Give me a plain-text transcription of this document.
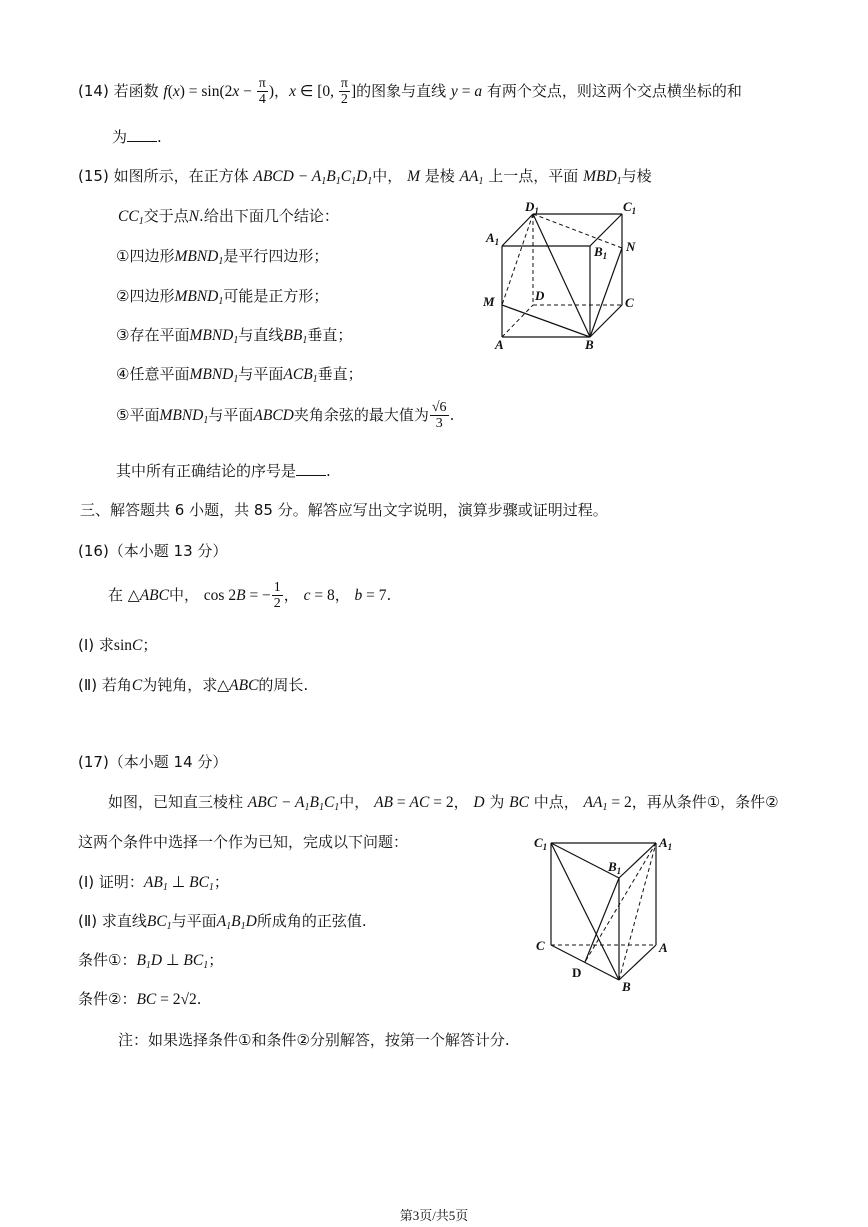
(14) 若函数 $f(x) = \sin(2x - \frac{\pi}{4}$ )，x ∈ [0, $\frac{\pi}{2}$ ]的图象与直线 y = a 有两个交点，则这两个交点横坐标的和
为 .
(15) 如图所示，在正方体 ABCD − $A_1B_1C_1D_1$中， M 是棱 $AA_1$ 上一点，平面 $MBD_1$与棱
$CC_1$交于点N.给出下面几个结论：
①四边形$MBND_1$是平行四边形；
②四边形$MBND_1$可能是正方形；
③存在平面$MBND_1$与直线$BB_1$垂直；
④任意平面$MBND_1$与平面$ACB_1$垂直；
⑤平面$MBND_1$与平面ABCD夹角余弦的最大值为 $\frac{√6}{3}$ .
其中所有正确结论的序号是 .
$D_1$	$C_1$
$A_1$
$B_1$
N
M	D	C
A	B
三、解答题共 6 小题，共 85 分。解答应写出文字说明，演算步骤或证明过程。
(16)（本小题 13 分）
在 △ABC中， cos 2B = − $\frac{1}{2}$ ， c = 8， b = 7.
(Ⅰ) 求sinC；
(Ⅱ) 若角C为钝角，求△ABC的周长.
(17)（本小题 14 分）
如图，已知直三棱柱 ABC − $A_1B_1C_1$中， AB = AC = 2， D 为 BC 中点， $AA_1 = 2$，再从条件①，条件②
这两个条件中选择一个作为已知，完成以下问题：
(Ⅰ) 证明：$AB_1$ ⊥ $BC_1$；
(Ⅱ) 求直线$BC_1$与平面$A_1B_1D$所成角的正弦值.
条件①：$B_1D$ ⊥ $BC_1$；
条件②：BC = 2√2.
注：如果选择条件①和条件②分别解答，按第一个解答计分.
$C_1$	$A_1$
$B_1$
C	A
D
B
第3页/共5页
